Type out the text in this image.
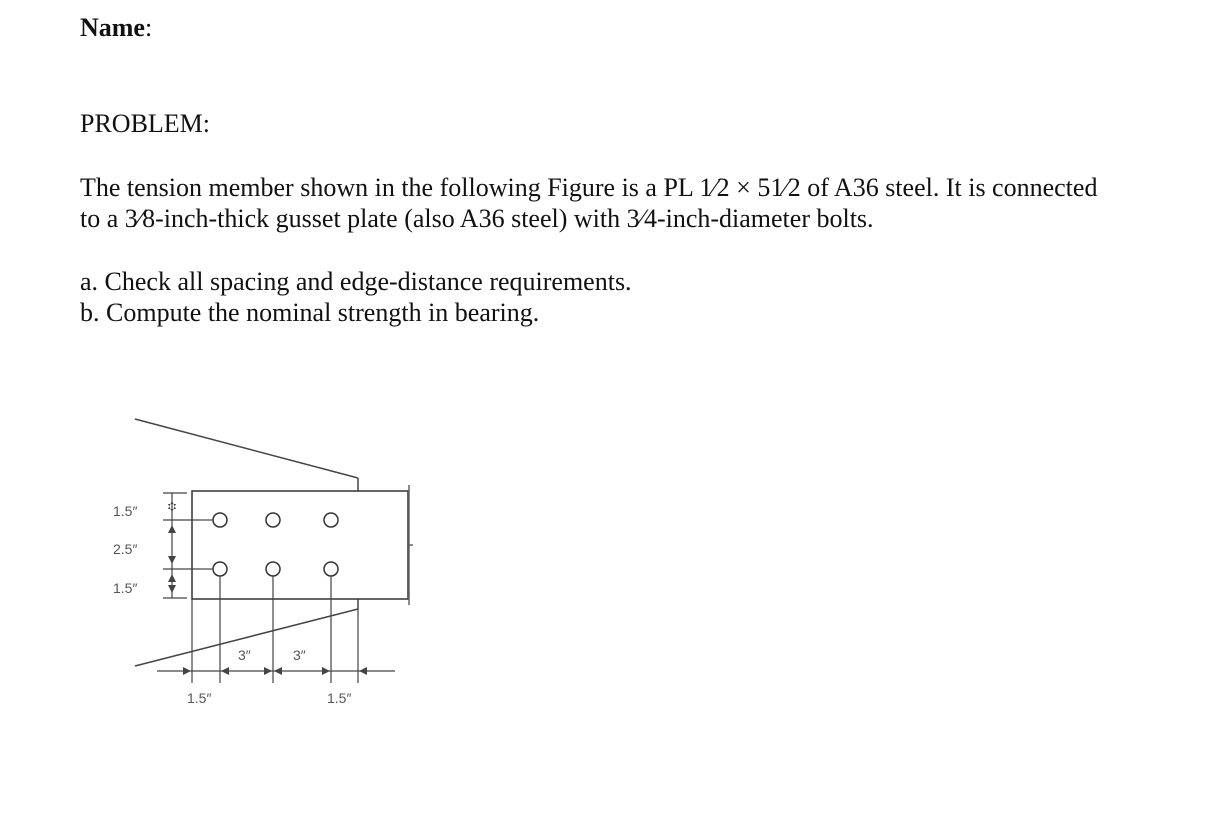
Name:
PROBLEM:
The tension member shown in the following Figure is a PL 1⁄2 × 51⁄2 of A36 steel. It is connected
to a 3⁄8-inch-thick gusset plate (also A36 steel) with 3⁄4-inch-diameter bolts.
a. Check all spacing and edge-distance requirements.
b. Compute the nominal strength in bearing.
1.5″
2.5″
1.5″
3″	3″
1.5″	1.5″
